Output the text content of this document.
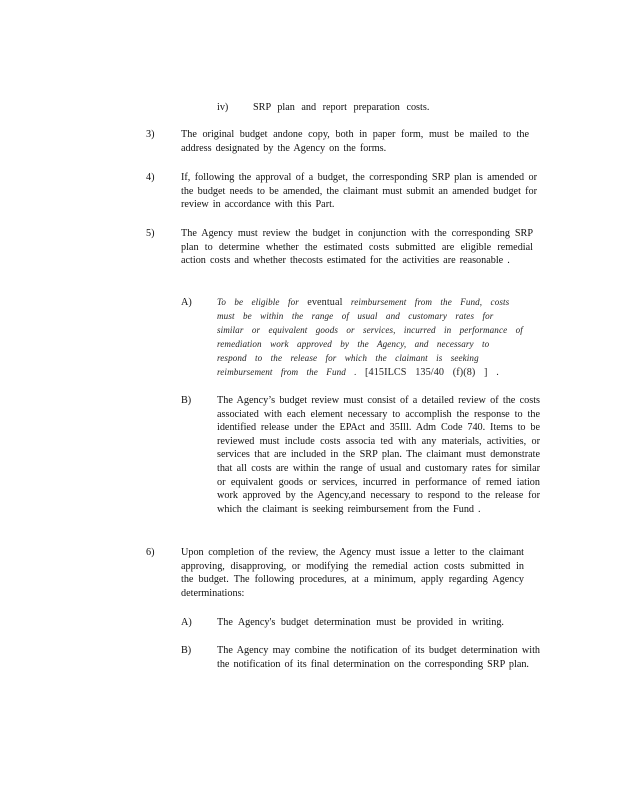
iv) SRP plan and report preparation costs.
3)	The original budget andone copy, both in paper form, must be mailed to the address designated by the Agency on the forms.
4)	If, following the approval of a budget, the corresponding SRP plan is amended or the budget needs to be amended, the claimant must submit an amended budget for review in accordance with this Part.
5)	The Agency must review the budget in conjunction with the corresponding SRP plan to determine whether the estimated costs submitted are eligible remedial action costs and whether thecosts estimated for the activities are reasonable .
A)	To be eligible for eventual reimbursement from the Fund, costs must be within the range of usual and customary rates for similar or equivalent goods or services, incurred in performance of remediation work approved by the Agency, and necessary to respond to the release for which the claimant is seeking reimbursement from the Fund . [415ILCS 135/40 (f)(8) ] .
B)	The Agency’s budget review must consist of a detailed review of the costs associated with each element necessary to accomplish the response to the identified release under the EPAct and 35Ill. Adm Code 740. Items to be reviewed must include costs associa ted with any materials, activities, or services that are included in the SRP plan. The claimant must demonstrate that all costs are within the range of usual and customary rates for similar or equivalent goods or services, incurred in performance of remed iation work approved by the Agency,and necessary to respond to the release for which the claimant is seeking reimbursement from the Fund .
6)	Upon completion of the review, the Agency must issue a letter to the claimant approving, disapproving, or modifying the remedial action costs submitted in the budget. The following procedures, at a minimum, apply regarding Agency determinations:
A) The Agency's budget determination must be provided in writing.
B)	The Agency may combine the notification of its budget determination with the notification of its final determination on the corresponding SRP plan.
